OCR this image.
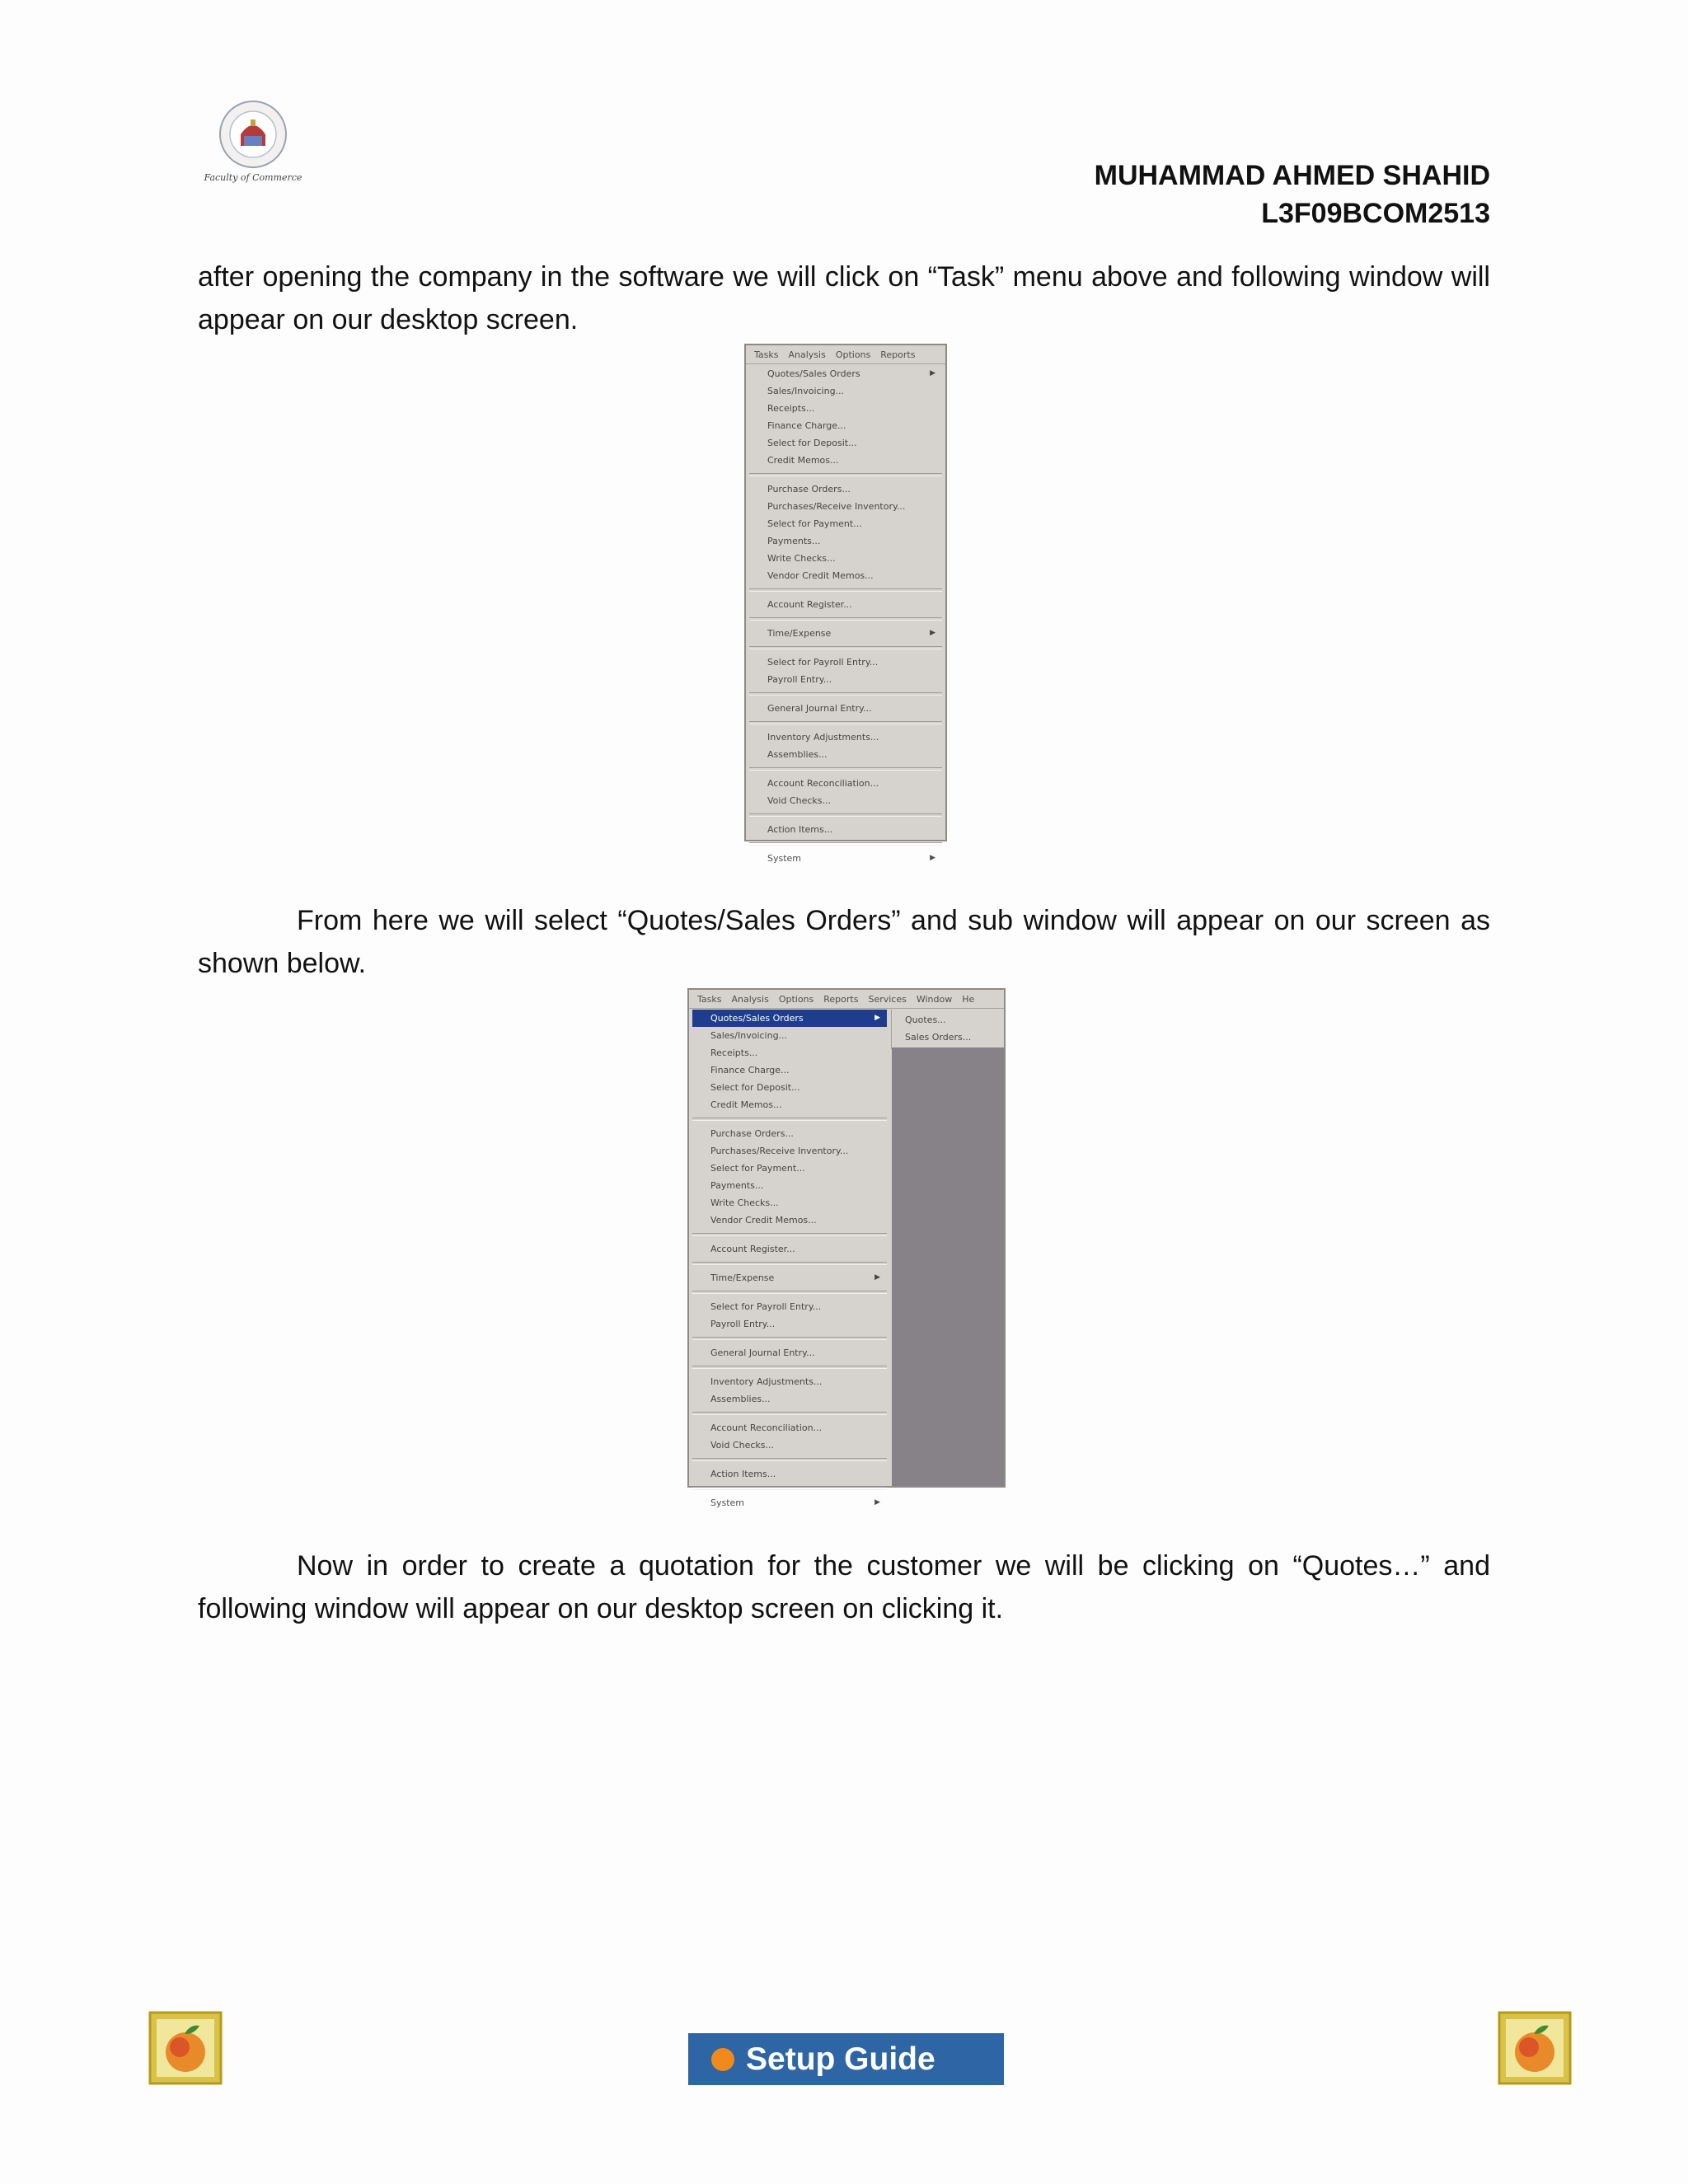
Faculty of Commerce	MUHAMMAD AHMED SHAHID
L3F09BCOM2513

after opening the company in the software we will click on “Task” menu above and following window will appear on our desktop screen.

Tasks Analysis Options Reports
Quotes/Sales Orders	▶
Sales/Invoicing...
Receipts...
Finance Charge...
Select for Deposit...
Credit Memos...
Purchase Orders...
Purchases/Receive Inventory...
Select for Payment...
Payments...
Write Checks...
Vendor Credit Memos...
Account Register...
Time/Expense	▶
Select for Payroll Entry...
Payroll Entry...
General Journal Entry...
Inventory Adjustments...
Assemblies...
Account Reconciliation...
Void Checks...
Action Items...
System	▶

From here we will select “Quotes/Sales Orders” and sub window will appear on our screen as shown below.

Tasks Analysis Options Reports Services Window He
Quotes/Sales Orders	▶
Sales/Invoicing...
Receipts...
Finance Charge...
Select for Deposit...
Credit Memos...
Purchase Orders...
Purchases/Receive Inventory...
Select for Payment...
Payments...
Write Checks...
Vendor Credit Memos...
Account Register...
Time/Expense	▶
Select for Payroll Entry...
Payroll Entry...
General Journal Entry...
Inventory Adjustments...
Assemblies...
Account Reconciliation...
Void Checks...
Action Items...
System	▶
Quotes...
Sales Orders...

Now in order to create a quotation for the customer we will be clicking on “Quotes…” and following window will appear on our desktop screen on clicking it.

Setup Guide
